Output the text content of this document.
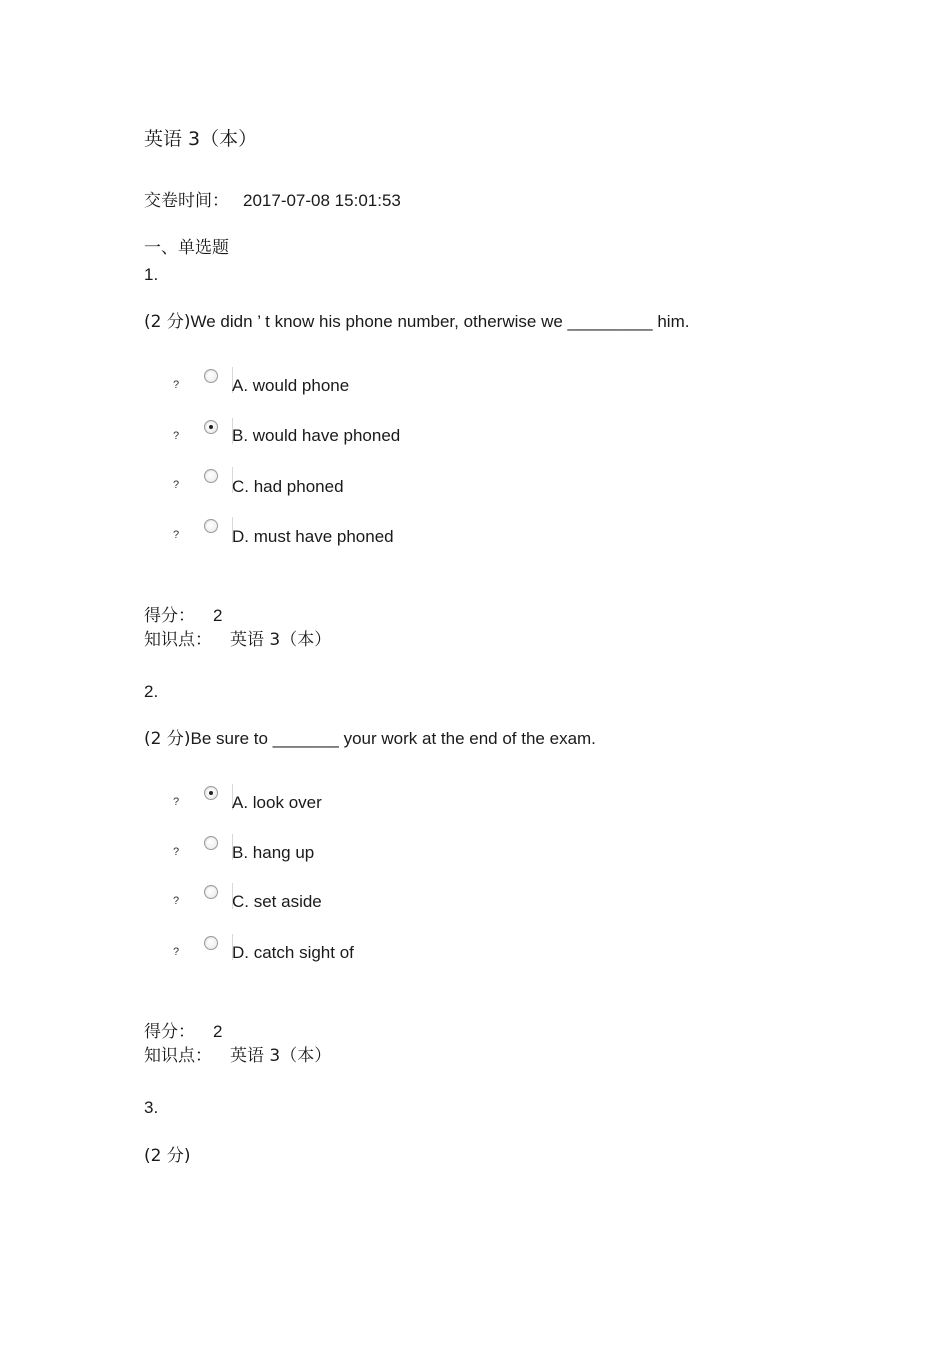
英语 3（本）
交卷时间： 2017-07-08 15:01:53
一、单选题
1.
(2 分)We didn ’ t know his phone number, otherwise we _________ him.
?	A. would phone
?	B. would have phoned
?	C. had phoned
?	D. must have phoned
得分： 2
知识点： 英语 3（本）
2.
(2 分)Be sure to _______ your work at the end of the exam.
?	A. look over
?	B. hang up
?	C. set aside
?	D. catch sight of
得分： 2
知识点： 英语 3（本）
3.
(2 分)
